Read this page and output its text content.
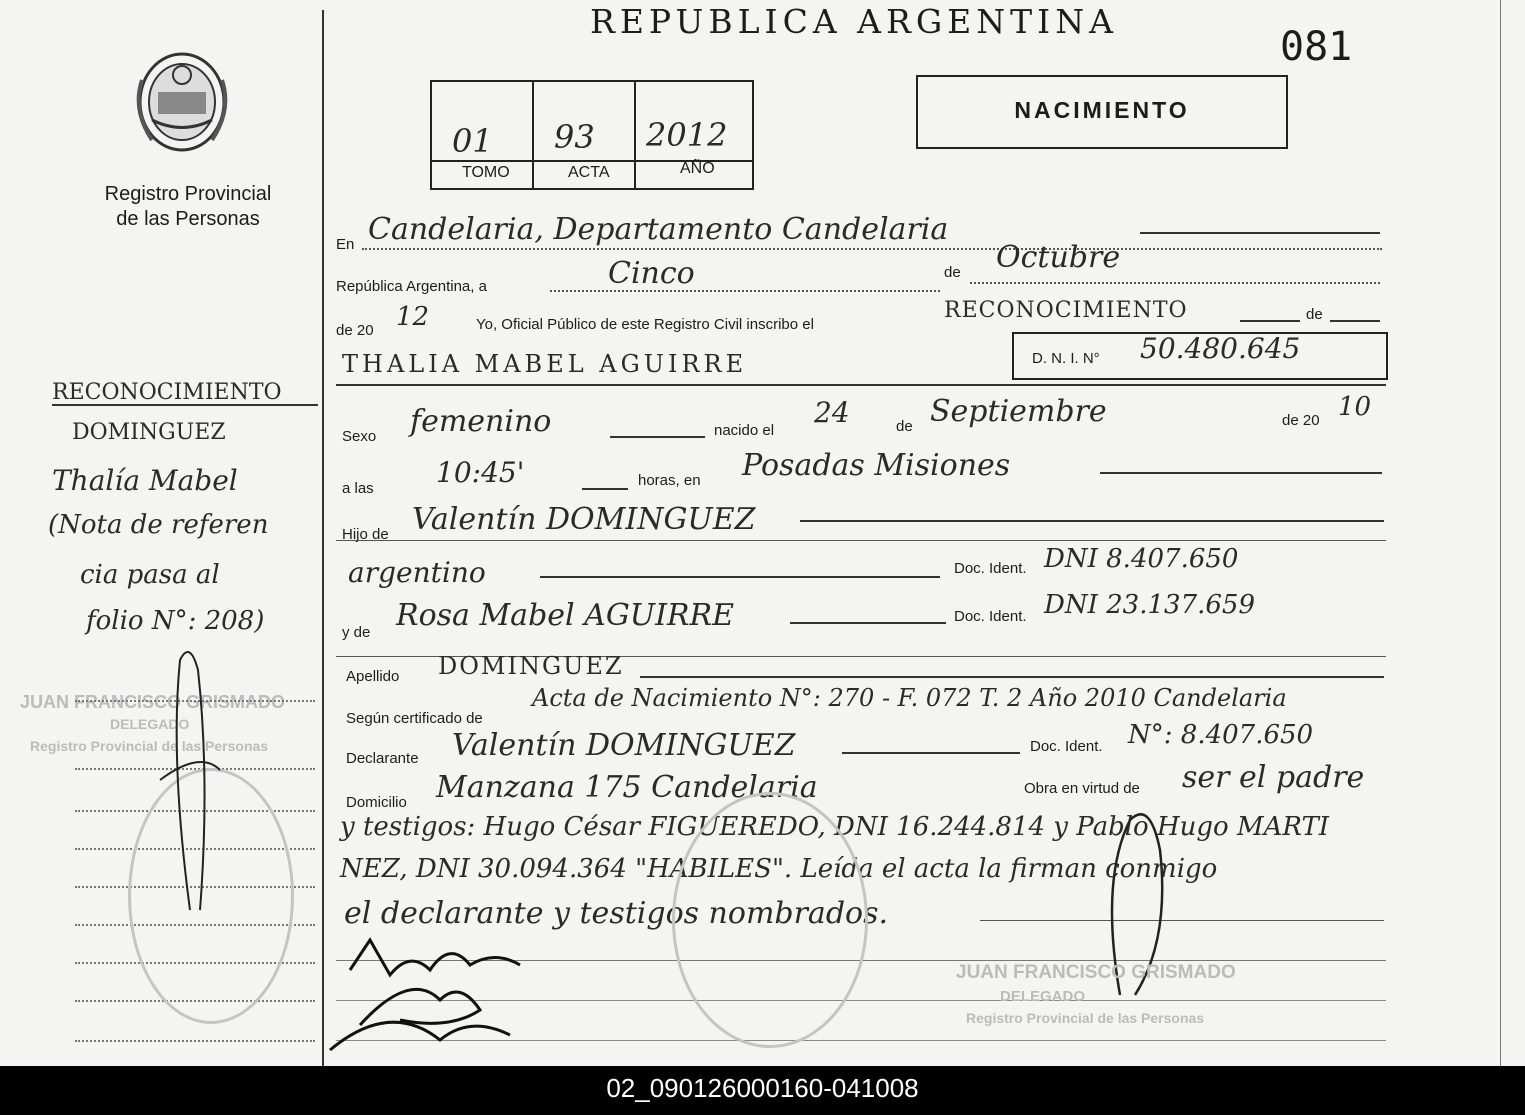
Registro Provincial
de las Personas
REPUBLICA ARGENTINA
081
01 93 2012
TOMO	ACTA	AÑO
NACIMIENTO
RECONOCIMIENTO
DOMINGUEZ
Thalía Mabel
(Nota de referen
cia pasa al
folio N°: 208)
JUAN FRANCISCO GRISMADO
DELEGADO
Registro Provincial de las Personas
En Candelaria, Departamento Candelaria
República Argentina, a	Cinco	de Octubre
de 20 12	Yo, Oficial Público de este Registro Civil inscribo el
RECONOCIMIENTO	de
THALIA MABEL AGUIRRE	D. N. I. N° 50.480.645
Sexo femenino	nacido el
24	de Septiembre	de 20 10
a las 10:45'	horas, en Posadas Misiones
Hijo de Valentín DOMINGUEZ
argentino	Doc. Ident. DNI 8.407.650
y de Rosa Mabel AGUIRRE	Doc. Ident. DNI 23.137.659
Apellido DOMINGUEZ
Según certificado de
Acta de Nacimiento N°: 270 - F. 072 T. 2 Año 2010 Candelaria
Declarante Valentín DOMINGUEZ	Doc. Ident. N°: 8.407.650
Domicilio Manzana 175 Candelaria	Obra en virtud de ser el padre
y testigos: Hugo César FIGUEREDO, DNI 16.244.814 y Pablo Hugo MARTI
NEZ, DNI 30.094.364 "HABILES". Leída el acta la firman conmigo
el declarante y testigos nombrados.
JUAN FRANCISCO GRISMADO
DELEGADO
Registro Provincial de las Personas
02_090126000160-041008
